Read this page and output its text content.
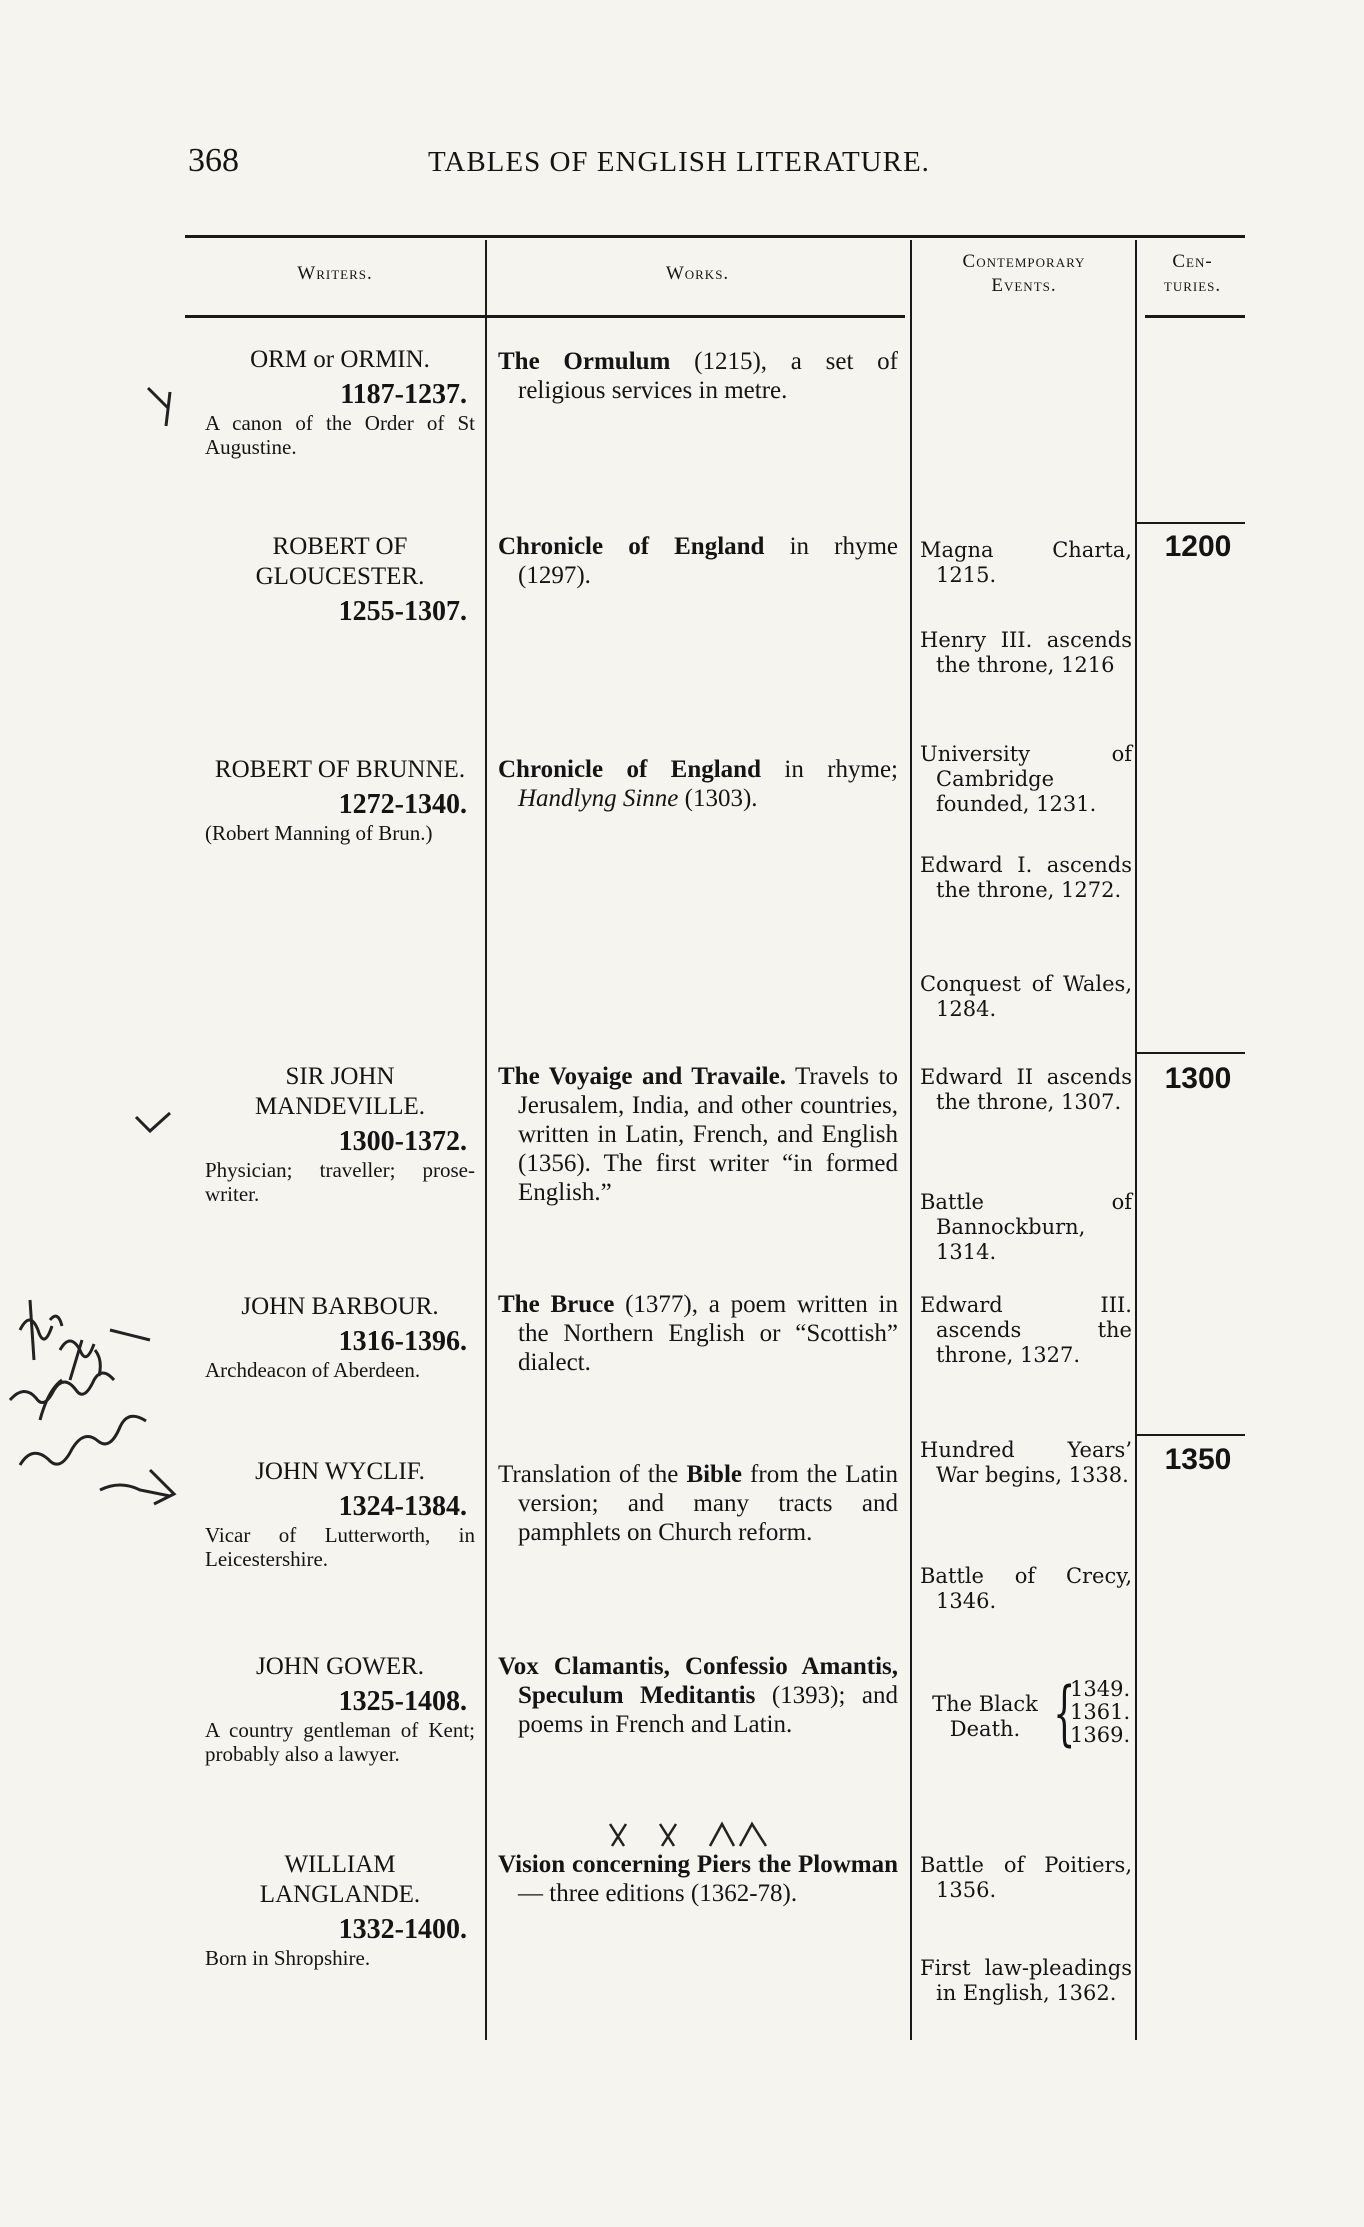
368	TABLES OF ENGLISH LITERATURE.
Writers.	Works.
Contemporary
Events.
Cen-
turies.
ORM or ORMIN.
1187-1237.
A canon of the Order of St Augustine.
ROBERT OF GLOUCESTER.
1255-1307.
ROBERT OF BRUNNE.
1272-1340.
(Robert Manning of Brun.)
SIR JOHN MANDEVILLE.
1300-1372.
Physician; traveller; prose-writer.
JOHN BARBOUR.
1316-1396.
Archdeacon of Aberdeen.
JOHN WYCLIF.
1324-1384.
Vicar of Lutterworth, in Leicestershire.
JOHN GOWER.
1325-1408.
A country gentleman of Kent; probably also a lawyer.
WILLIAM LANGLANDE.
1332-1400.
Born in Shropshire.
The Ormulum (1215), a set of religious services in metre.
Chronicle of England in rhyme (1297).
Chronicle of England in rhyme; Handlyng Sinne (1303).
The Voyaige and Travaile. Travels to Jerusalem, India, and other countries, written in Latin, French, and English (1356). The first writer “in formed English.”
The Bruce (1377), a poem written in the Northern English or “Scottish” dialect.
Translation of the Bible from the Latin version; and many tracts and pamphlets on Church reform.
Vox Clamantis, Confessio Amantis, Speculum Meditantis (1393); and poems in French and Latin.
Vision concerning Piers the Plowman — three editions (1362-78).
Magna Charta, 1215.
Henry III. ascends the throne, 1216
University of Cambridge founded, 1231.
Edward I. ascends the throne, 1272.
Conquest of Wales, 1284.
Edward II ascends the throne, 1307.
Battle of Bannockburn, 1314.
Edward III. ascends the throne, 1327.
Hundred Years’ War begins, 1338.
Battle of Crecy, 1346.
Battle of Poitiers, 1356.
First law-pleadings in English, 1362.
The Black Death. {
1349.
1361.
1369.
1200
1300
1350
